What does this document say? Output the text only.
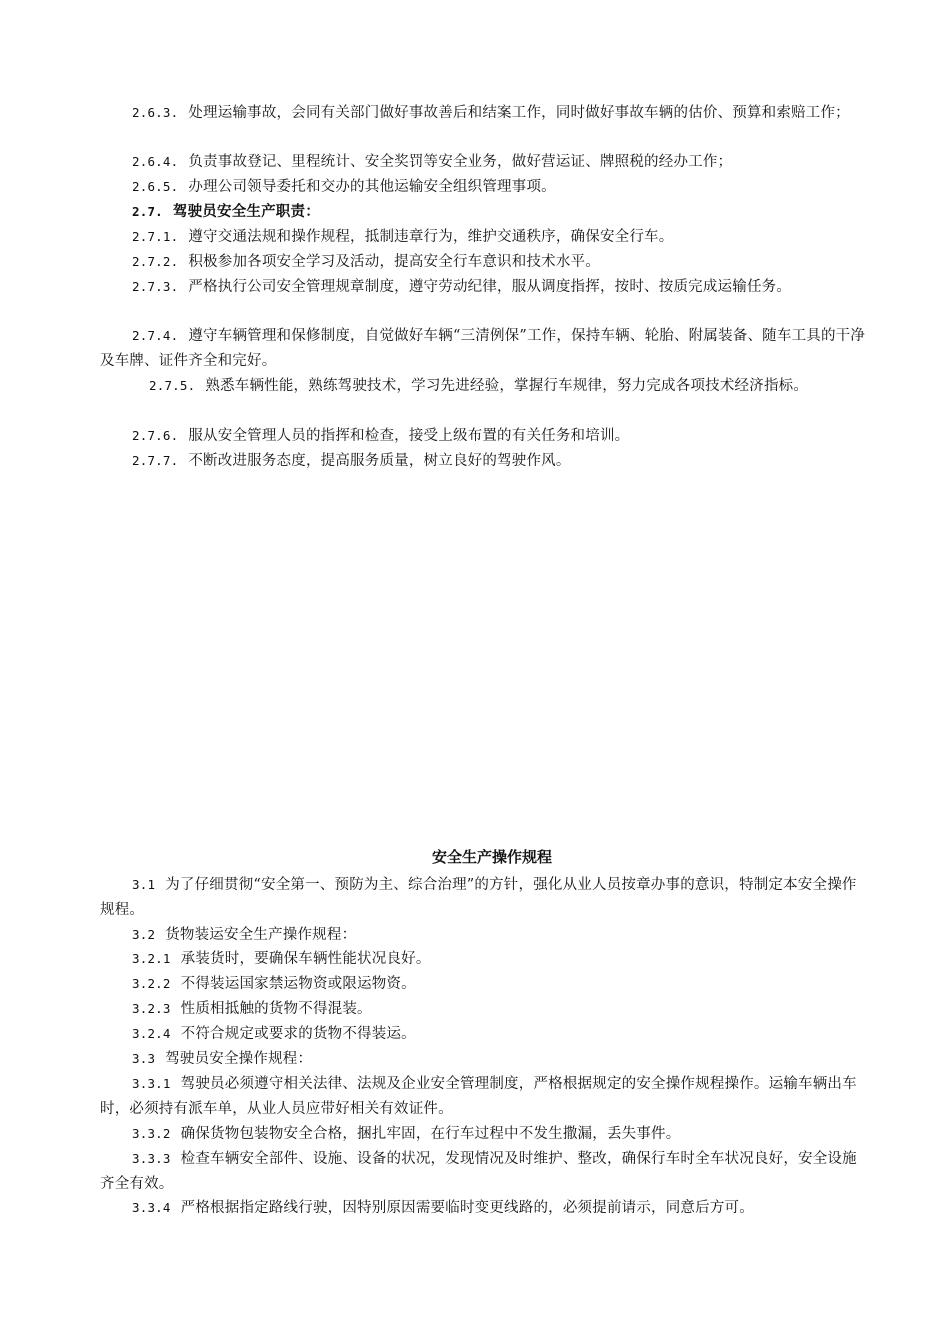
2.6.3. 处理运输事故，会同有关部门做好事故善后和结案工作，同时做好事故车辆的估价、预算和索赔工作；
2.6.4. 负责事故登记、里程统计、安全奖罚等安全业务，做好营运证、牌照税的经办工作；
2.6.5. 办理公司领导委托和交办的其他运输安全组织管理事项。
2.7. 驾驶员安全生产职责：
2.7.1. 遵守交通法规和操作规程，抵制违章行为，维护交通秩序，确保安全行车。
2.7.2. 积极参加各项安全学习及活动，提高安全行车意识和技术水平。
2.7.3. 严格执行公司安全管理规章制度，遵守劳动纪律，服从调度指挥，按时、按质完成运输任务。
2.7.4. 遵守车辆管理和保修制度，自觉做好车辆“三清例保”工作，保持车辆、轮胎、附属装备、随车工具的干净及车牌、证件齐全和完好。
2.7.5. 熟悉车辆性能，熟练驾驶技术，学习先进经验，掌握行车规律，努力完成各项技术经济指标。
2.7.6. 服从安全管理人员的指挥和检查，接受上级布置的有关任务和培训。
2.7.7. 不断改进服务态度，提高服务质量，树立良好的驾驶作风。
安全生产操作规程
3.1 为了仔细贯彻“安全第一、预防为主、综合治理”的方针，强化从业人员按章办事的意识，特制定本安全操作规程。
3.2 货物装运安全生产操作规程：
3.2.1 承装货时，要确保车辆性能状况良好。
3.2.2 不得装运国家禁运物资或限运物资。
3.2.3 性质相抵触的货物不得混装。
3.2.4 不符合规定或要求的货物不得装运。
3.3 驾驶员安全操作规程：
3.3.1 驾驶员必须遵守相关法律、法规及企业安全管理制度，严格根据规定的安全操作规程操作。运输车辆出车时，必须持有派车单，从业人员应带好相关有效证件。
3.3.2 确保货物包装物安全合格，捆扎牢固，在行车过程中不发生撒漏，丢失事件。
3.3.3 检查车辆安全部件、设施、设备的状况，发现情况及时维护、整改，确保行车时全车状况良好，安全设施齐全有效。
3.3.4 严格根据指定路线行驶，因特别原因需要临时变更线路的，必须提前请示，同意后方可。
